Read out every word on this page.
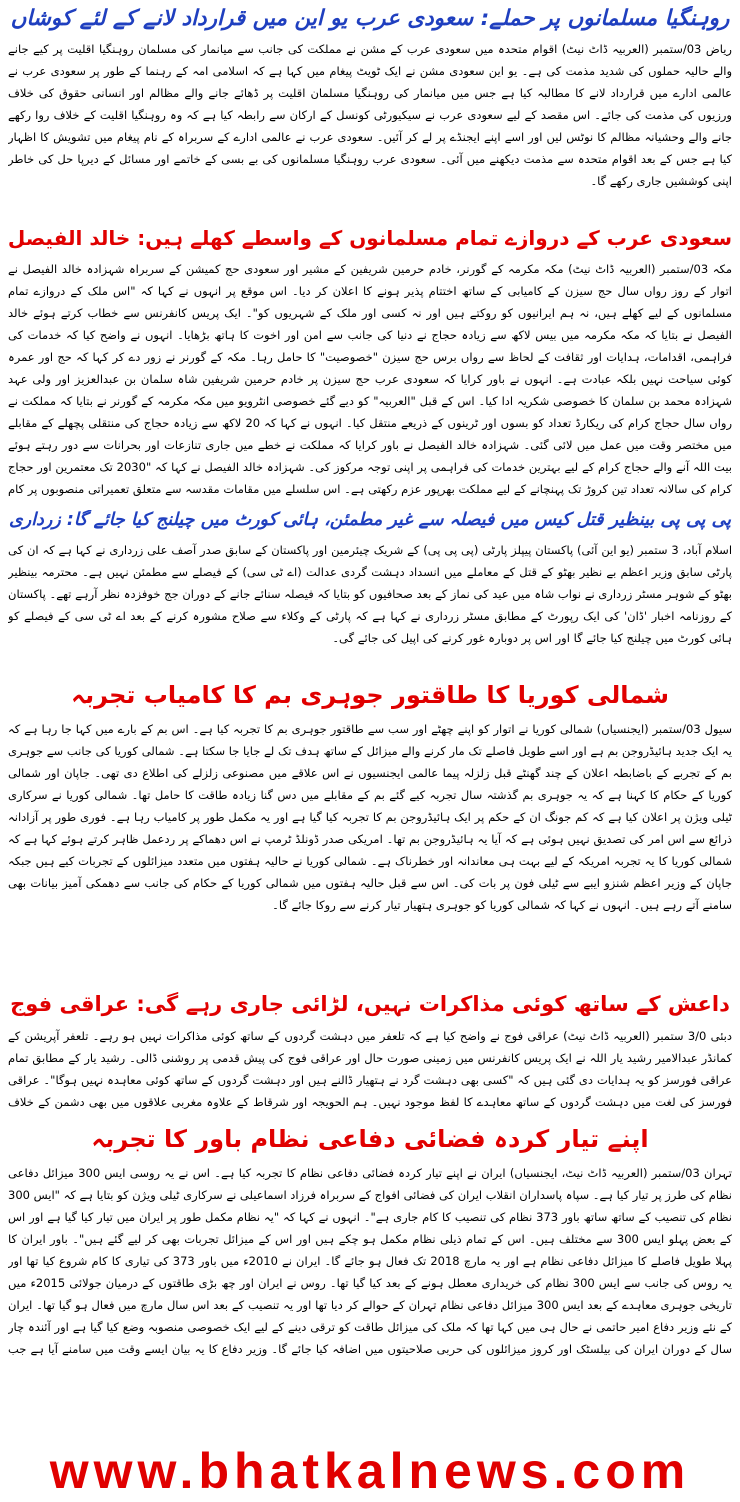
روہنگیا مسلمانوں پر حملے: سعودی عرب یو این میں قرارداد لانے کے لئے کوشاں

ریاض 03/ستمبر (العربیہ ڈاٹ نیٹ) اقوام متحدہ میں سعودی عرب کے مشن نے مملکت کی جانب سے میانمار کی مسلمان روہنگیا اقلیت پر کیے جانے والے حالیہ حملوں کی شدید مذمت کی ہے۔ یو این سعودی مشن نے ایک ٹویٹ پیغام میں کہا ہے کہ اسلامی امہ کے رہنما کے طور پر سعودی عرب نے عالمی ادارے میں قرارداد لانے کا مطالبہ کیا ہے جس میں میانمار کی روہنگیا مسلمان اقلیت پر ڈھائے جانے والے مظالم اور انسانی حقوق کی خلاف ورزیوں کی مذمت کی جائے۔ اس مقصد کے لیے سعودی عرب نے سیکیورٹی کونسل کے ارکان سے رابطہ کیا ہے کہ وہ روہنگیا اقلیت کے خلاف روا رکھے جانے والے وحشیانہ مظالم کا نوٹس لیں اور اسے اپنے ایجنڈے پر لے کر آئیں۔ سعودی عرب نے عالمی ادارے کے سربراہ کے نام پیغام میں تشویش کا اظہار کیا ہے جس کے بعد اقوام متحدہ سے مذمت دیکھنے میں آئی۔ سعودی عرب روہنگیا مسلمانوں کی بے بسی کے خاتمے اور مسائل کے دیرپا حل کی خاطر اپنی کوششیں جاری رکھے گا۔

سعودی عرب کے دروازے تمام مسلمانوں کے واسطے کھلے ہیں: خالد الفیصل

مکہ 03/ستمبر (العربیہ ڈاٹ نیٹ) مکہ مکرمہ کے گورنر، خادم حرمین شریفین کے مشیر اور سعودی حج کمیشن کے سربراہ شہزادہ خالد الفیصل نے اتوار کے روز رواں سال حج سیزن کے کامیابی کے ساتھ اختتام پذیر ہونے کا اعلان کر دیا۔ اس موقع پر انہوں نے کہا کہ "اس ملک کے دروازے تمام مسلمانوں کے لیے کھلے ہیں، نہ ہم ایرانیوں کو روکتے ہیں اور نہ کسی اور ملک کے شہریوں کو"۔ ایک پریس کانفرنس سے خطاب کرتے ہوئے خالد الفیصل نے بتایا کہ مکہ مکرمہ میں بیس لاکھ سے زیادہ حجاج نے دنیا کی جانب سے امن اور اخوت کا ہاتھ بڑھایا۔ انہوں نے واضح کیا کہ خدمات کی فراہمی، اقدامات، ہدایات اور ثقافت کے لحاظ سے رواں برس حج سیزن "خصوصیت" کا حامل رہا۔ مکہ کے گورنر نے زور دے کر کہا کہ حج اور عمرہ کوئی سیاحت نہیں بلکہ عبادت ہے۔ انہوں نے باور کرایا کہ سعودی عرب حج سیزن پر خادم حرمین شریفین شاہ سلمان بن عبدالعزیز اور ولی عہد شہزادہ محمد بن سلمان کا خصوصی شکریہ ادا کیا۔ اس کے قبل "العربیہ" کو دیے گئے خصوصی انٹرویو میں مکہ مکرمہ کے گورنر نے بتایا کہ مملکت نے رواں سال حجاج کرام کی ریکارڈ تعداد کو بسوں اور ٹرینوں کے ذریعے منتقل کیا۔ انہوں نے کہا کہ 20 لاکھ سے زیادہ حجاج کی منتقلی پچھلے کے مقابلے میں مختصر وقت میں عمل میں لائی گئی۔ شہزادہ خالد الفیصل نے باور کرایا کہ مملکت نے خطے میں جاری تنازعات اور بحرانات سے دور رہتے ہوئے بیت اللہ آنے والے حجاج کرام کے لیے بہترین خدمات کی فراہمی پر اپنی توجہ مرکوز کی۔ شہزادہ خالد الفیصل نے کہا کہ "2030 تک معتمرین اور حجاج کرام کی سالانہ تعداد تین کروڑ تک پہنچانے کے لیے مملکت بھرپور عزم رکھتی ہے۔ اس سلسلے میں مقامات مقدسہ سے متعلق تعمیراتی منصوبوں پر کام

پی پی پی بینظیر قتل کیس میں فیصلہ سے غیر مطمئن، ہائی کورٹ میں چیلنج کیا جائے گا: زرداری

اسلام آباد، 3 ستمبر (یو این آئی) پاکستان پیپلز پارٹی (پی پی پی) کے شریک چیئرمین اور پاکستان کے سابق صدر آصف علی زرداری نے کہا ہے کہ ان کی پارٹی سابق وزیر اعظم بے نظیر بھٹو کے قتل کے معاملے میں انسداد دہشت گردی عدالت (اے ٹی سی) کے فیصلے سے مطمئن نہیں ہے۔ محترمہ بینظیر بھٹو کے شوہر مسٹر زرداری نے نواب شاہ میں عید کی نماز کے بعد صحافیوں کو بتایا کہ فیصلہ سنائے جانے کے دوران جج خوفزدہ نظر آرہے تھے۔ پاکستان کے روزنامہ اخبار 'ڈان' کی ایک رپورٹ کے مطابق مسٹر زرداری نے کہا ہے کہ پارٹی کے وکلاء سے صلاح مشورہ کرنے کے بعد اے ٹی سی کے فیصلے کو ہائی کورٹ میں چیلنج کیا جائے گا اور اس پر دوبارہ غور کرنے کی اپیل کی جائے گی۔

شمالی کوریا کا طاقتور جوہری بم کا کامیاب تجربہ

سیول 03/ستمبر (ایجنسیاں) شمالی کوریا نے اتوار کو اپنے چھٹے اور سب سے طاقتور جوہری بم کا تجربہ کیا ہے۔ اس بم کے بارے میں کہا جا رہا ہے کہ یہ ایک جدید ہائیڈروجن بم ہے اور اسے طویل فاصلے تک مار کرنے والے میزائل کے ساتھ ہدف تک لے جایا جا سکتا ہے۔ شمالی کوریا کی جانب سے جوہری بم کے تجربے کے باضابطہ اعلان کے چند گھنٹے قبل زلزلہ پیما عالمی ایجنسیوں نے اس علاقے میں مصنوعی زلزلے کی اطلاع دی تھی۔ جاپان اور شمالی کوریا کے حکام کا کہنا ہے کہ یہ جوہری بم گذشتہ سال تجربہ کیے گئے بم کے مقابلے میں دس گنا زیادہ طاقت کا حامل تھا۔ شمالی کوریا نے سرکاری ٹیلی ویژن پر اعلان کیا ہے کہ کم جونگ ان کے حکم پر ایک ہائیڈروجن بم کا تجربہ کیا گیا ہے اور یہ مکمل طور پر کامیاب رہا ہے۔ فوری طور پر آزادانہ ذرائع سے اس امر کی تصدیق نہیں ہوئی ہے کہ آیا یہ ہائیڈروجن بم تھا۔ امریکی صدر ڈونلڈ ٹرمپ نے اس دھماکے پر ردعمل ظاہر کرتے ہوئے کہا ہے کہ شمالی کوریا کا یہ تجربہ امریکہ کے لیے بہت ہی معاندانہ اور خطرناک ہے۔ شمالی کوریا نے حالیہ ہفتوں میں متعدد میزائلوں کے تجربات کیے ہیں جبکہ جاپان کے وزیر اعظم شنزو ایبے سے ٹیلی فون پر بات کی۔ اس سے قبل حالیہ ہفتوں میں شمالی کوریا کے حکام کی جانب سے دھمکی آمیز بیانات بھی سامنے آتے رہے ہیں۔ انہوں نے کہا کہ شمالی کوریا کو جوہری ہتھیار تیار کرنے سے روکا جائے گا۔

داعش کے ساتھ کوئی مذاکرات نہیں، لڑائی جاری رہے گی: عراقی فوج

دبئی 3/0 ستمبر (العربیہ ڈاٹ نیٹ) عراقی فوج نے واضح کیا ہے کہ تلعفر میں دہشت گردوں کے ساتھ کوئی مذاکرات نہیں ہو رہے۔ تلعفر آپریشن کے کمانڈر عبدالامیر رشید یار اللہ نے ایک پریس کانفرنس میں زمینی صورت حال اور عراقی فوج کی پیش قدمی پر روشنی ڈالی۔ رشید یار کے مطابق تمام عراقی فورسز کو یہ ہدایات دی گئی ہیں کہ "کسی بھی دہشت گرد نے ہتھیار ڈالنے ہیں اور دہشت گردوں کے ساتھ کوئی معاہدہ نہیں ہوگا"۔ عراقی فورسز کی لغت میں دہشت گردوں کے ساتھ معاہدے کا لفظ موجود نہیں۔ ہم الحویجہ اور شرقاط کے علاوہ مغربی علاقوں میں بھی دشمن کے خلاف

اپنے تیار کردہ فضائی دفاعی نظام باور کا تجربہ

تہران 03/ستمبر (العربیہ ڈاٹ نیٹ، ایجنسیاں) ایران نے اپنے تیار کردہ فضائی دفاعی نظام کا تجربہ کیا ہے۔ اس نے یہ روسی ایس 300 میزائل دفاعی نظام کی طرز پر تیار کیا ہے۔ سپاہ پاسداران انقلاب ایران کی فضائی افواج کے سربراہ فرزاد اسماعیلی نے سرکاری ٹیلی ویژن کو بتایا ہے کہ "ایس 300 نظام کی تنصیب کے ساتھ ساتھ باور 373 نظام کی تنصیب کا کام جاری ہے"۔ انہوں نے کہا کہ "یہ نظام مکمل طور پر ایران میں تیار کیا گیا ہے اور اس کے بعض پہلو ایس 300 سے مختلف ہیں۔ اس کے تمام ذیلی نظام مکمل ہو چکے ہیں اور اس کے میزائل تجربات بھی کر لیے گئے ہیں"۔ باور ایران کا پہلا طویل فاصلے کا میزائل دفاعی نظام ہے اور یہ مارچ 2018 تک فعال ہو جائے گا۔ ایران نے 2010ء میں باور 373 کی تیاری کا کام شروع کیا تھا اور یہ روس کی جانب سے ایس 300 نظام کی خریداری معطل ہونے کے بعد کیا گیا تھا۔ روس نے ایران اور چھ بڑی طاقتوں کے درمیان جولائی 2015ء میں تاریخی جوہری معاہدے کے بعد ایس 300 میزائل دفاعی نظام تہران کے حوالے کر دیا تھا اور یہ تنصیب کے بعد اس سال مارچ میں فعال ہو گیا تھا۔ ایران کے نئے وزیر دفاع امیر حاتمی نے حال ہی میں کہا تھا کہ ملک کی میزائل طاقت کو ترقی دینے کے لیے ایک خصوصی منصوبہ وضع کیا گیا ہے اور آئندہ چار سال کے دوران ایران کی بیلسٹک اور کروز میزائلوں کی حربی صلاحیتوں میں اضافہ کیا جائے گا۔ وزیر دفاع کا یہ بیان ایسے وقت میں سامنے آیا ہے جب

www.bhatkalnews.com
